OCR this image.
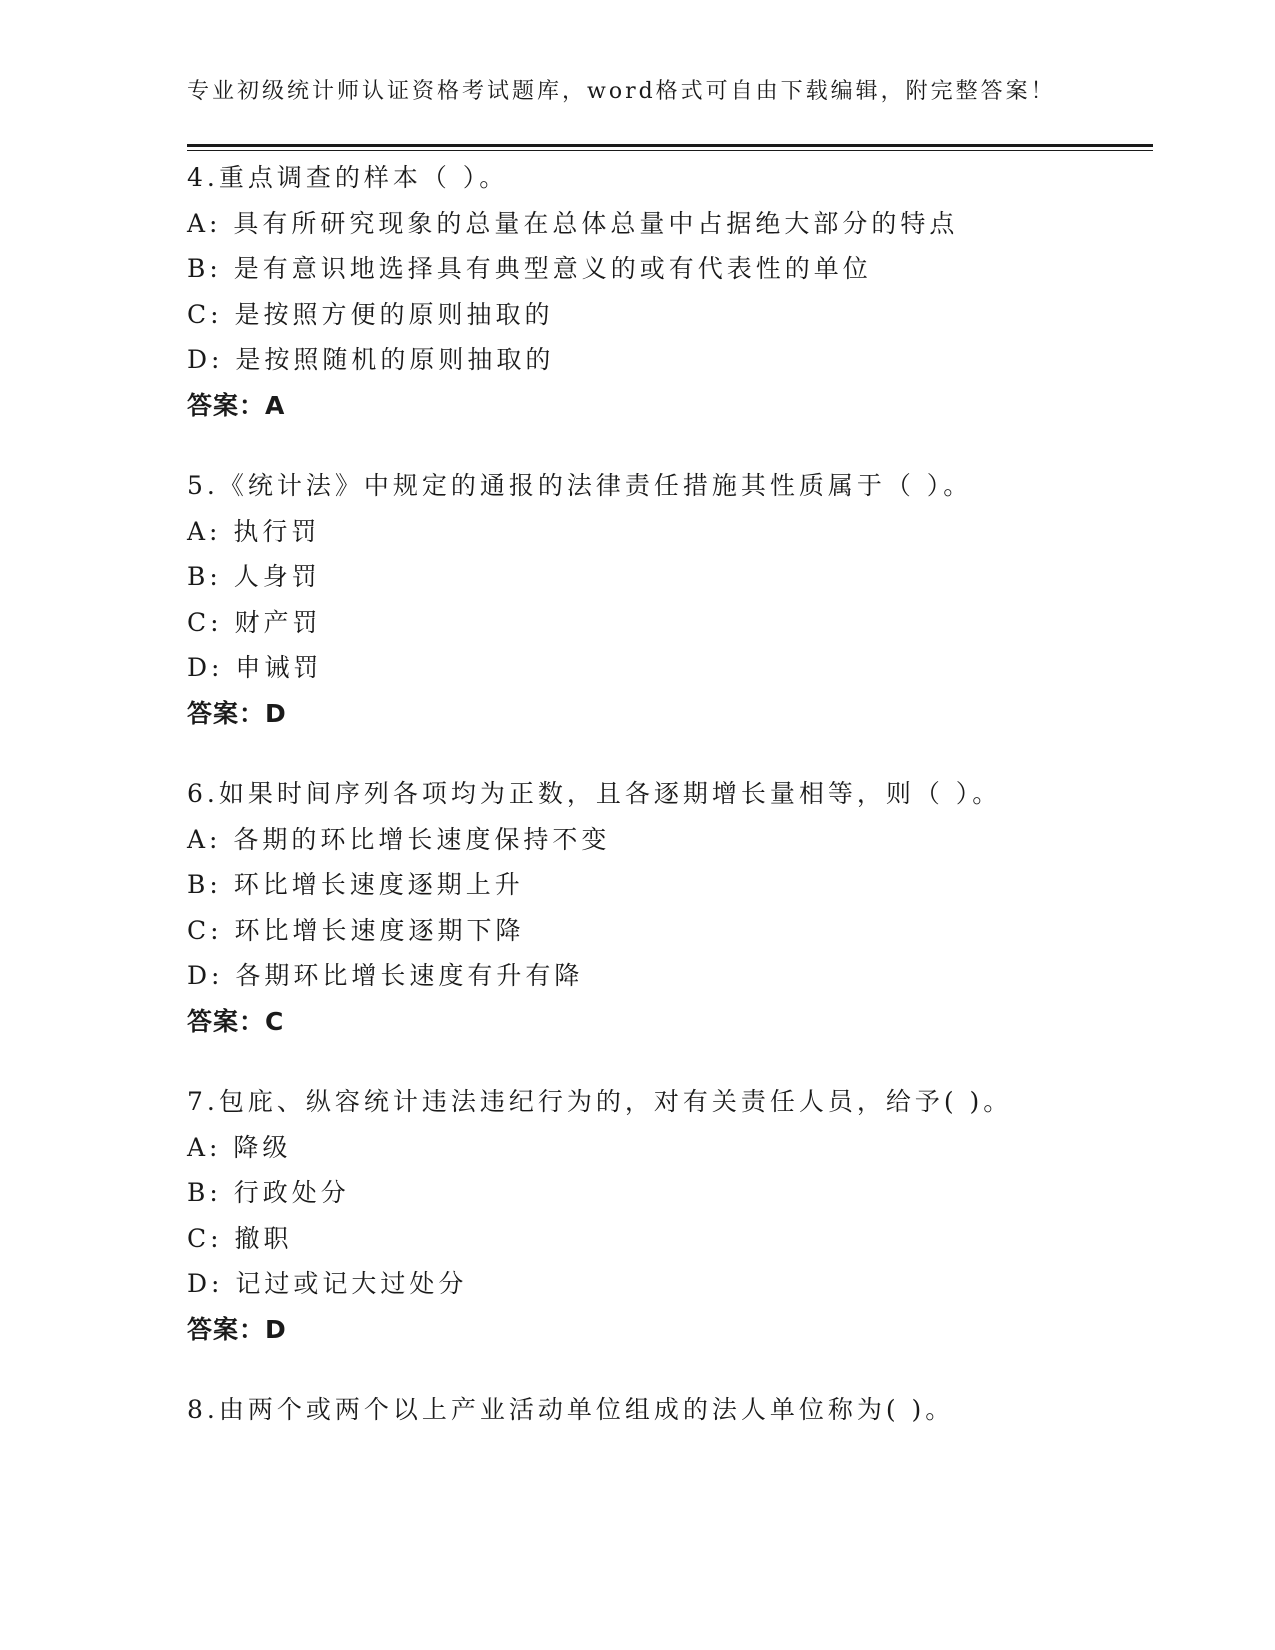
专业初级统计师认证资格考试题库，word格式可自由下载编辑，附完整答案！
4.重点调查的样本（ ）。
A: 具有所研究现象的总量在总体总量中占据绝大部分的特点
B: 是有意识地选择具有典型意义的或有代表性的单位
C: 是按照方便的原则抽取的
D: 是按照随机的原则抽取的
答案：A
5.《统计法》中规定的通报的法律责任措施其性质属于（ ）。
A: 执行罚
B: 人身罚
C: 财产罚
D: 申诫罚
答案：D
6.如果时间序列各项均为正数，且各逐期增长量相等，则（ ）。
A: 各期的环比增长速度保持不变
B: 环比增长速度逐期上升
C: 环比增长速度逐期下降
D: 各期环比增长速度有升有降
答案：C
7.包庇、纵容统计违法违纪行为的，对有关责任人员，给予( )。
A: 降级
B: 行政处分
C: 撤职
D: 记过或记大过处分
答案：D
8.由两个或两个以上产业活动单位组成的法人单位称为( )。
